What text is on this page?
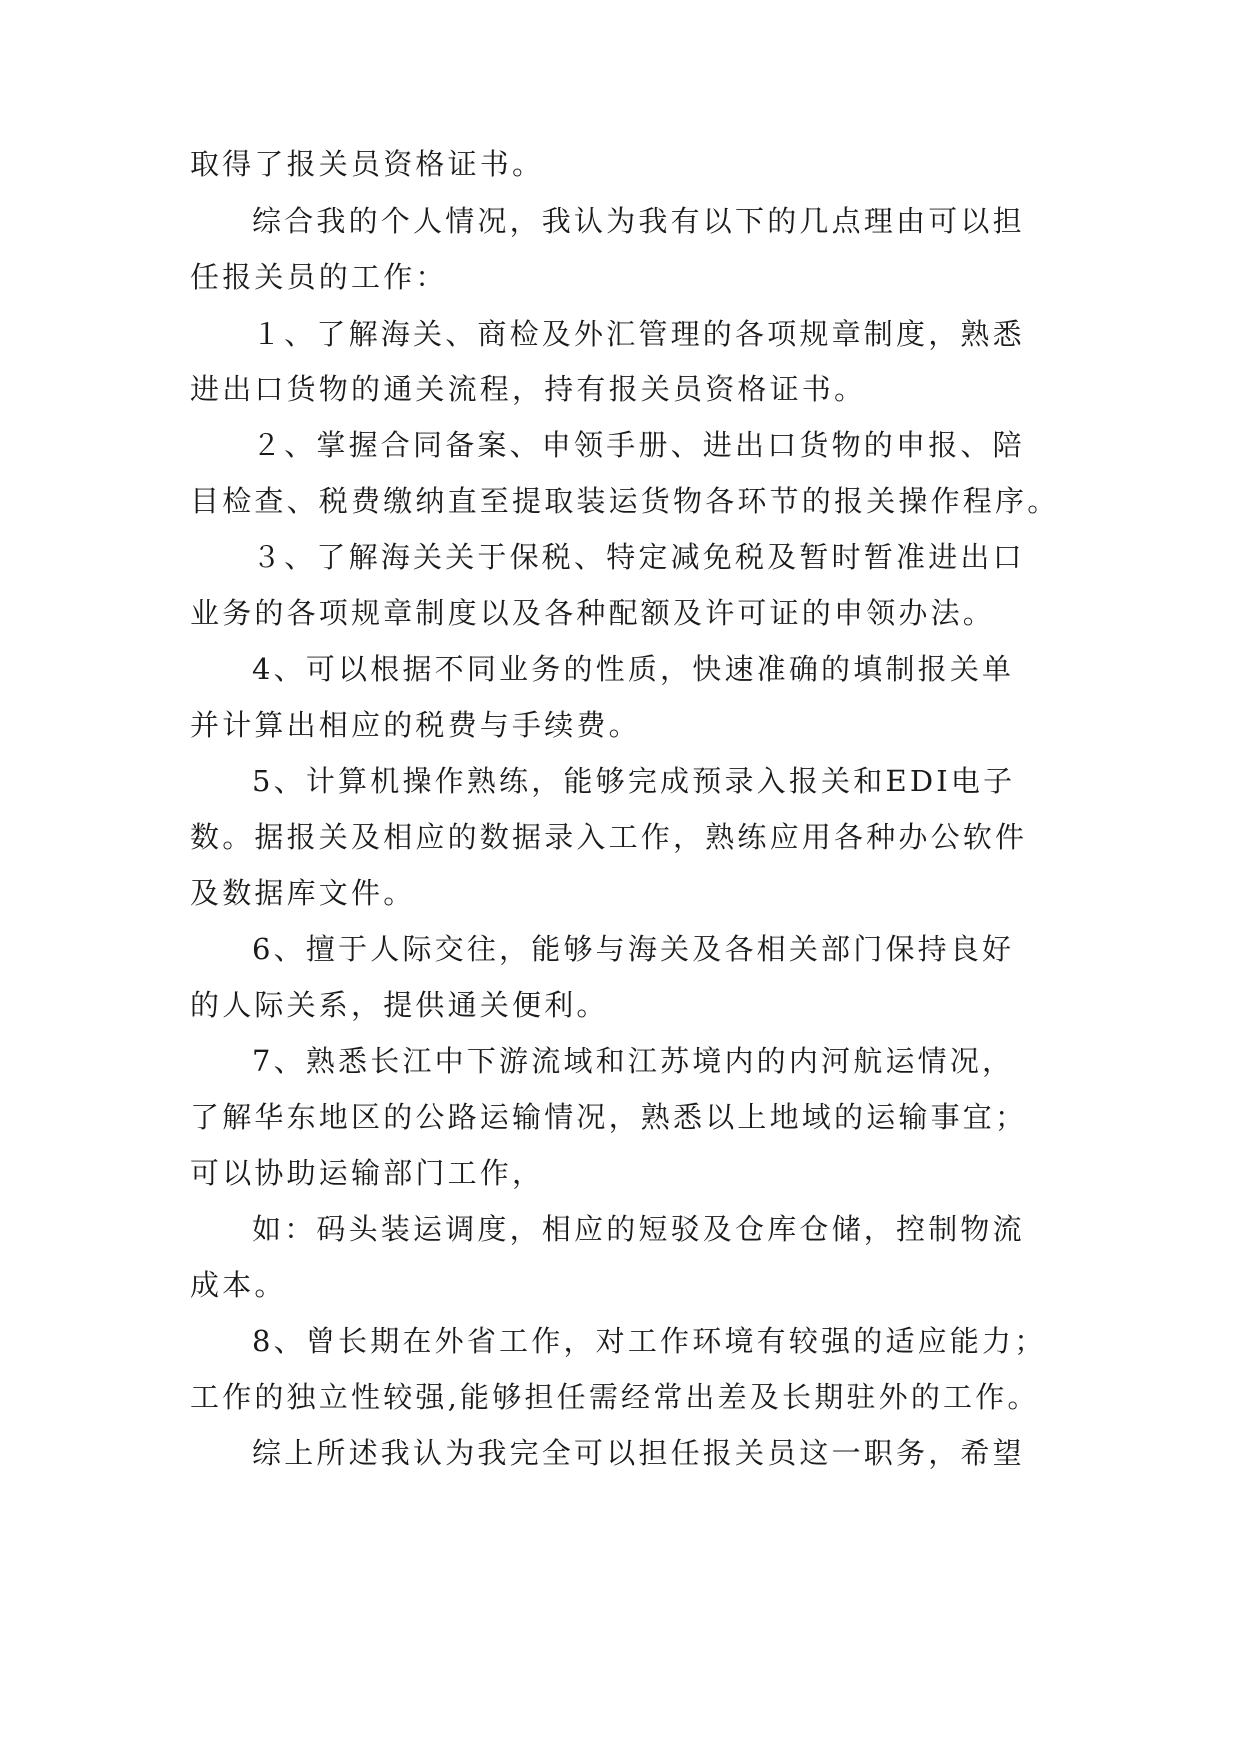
取得了报关员资格证书。
综合我的个人情况，我认为我有以下的几点理由可以担
任报关员的工作：
１、了解海关、商检及外汇管理的各项规章制度，熟悉
进出口货物的通关流程，持有报关员资格证书。
２、掌握合同备案、申领手册、进出口货物的申报、陪
目检查、税费缴纳直至提取装运货物各环节的报关操作程序。
３、了解海关关于保税、特定减免税及暂时暂准进出口
业务的各项规章制度以及各种配额及许可证的申领办法。
4、可以根据不同业务的性质，快速准确的填制报关单
并计算出相应的税费与手续费。
5、计算机操作熟练，能够完成预录入报关和EDI电子
数。据报关及相应的数据录入工作，熟练应用各种办公软件
及数据库文件。
6、擅于人际交往，能够与海关及各相关部门保持良好
的人际关系，提供通关便利。
7、熟悉长江中下游流域和江苏境内的内河航运情况，
了解华东地区的公路运输情况，熟悉以上地域的运输事宜；
可以协助运输部门工作，
如：码头装运调度，相应的短驳及仓库仓储，控制物流
成本。
8、曾长期在外省工作，对工作环境有较强的适应能力；
工作的独立性较强,能够担任需经常出差及长期驻外的工作。
综上所述我认为我完全可以担任报关员这一职务，希望
